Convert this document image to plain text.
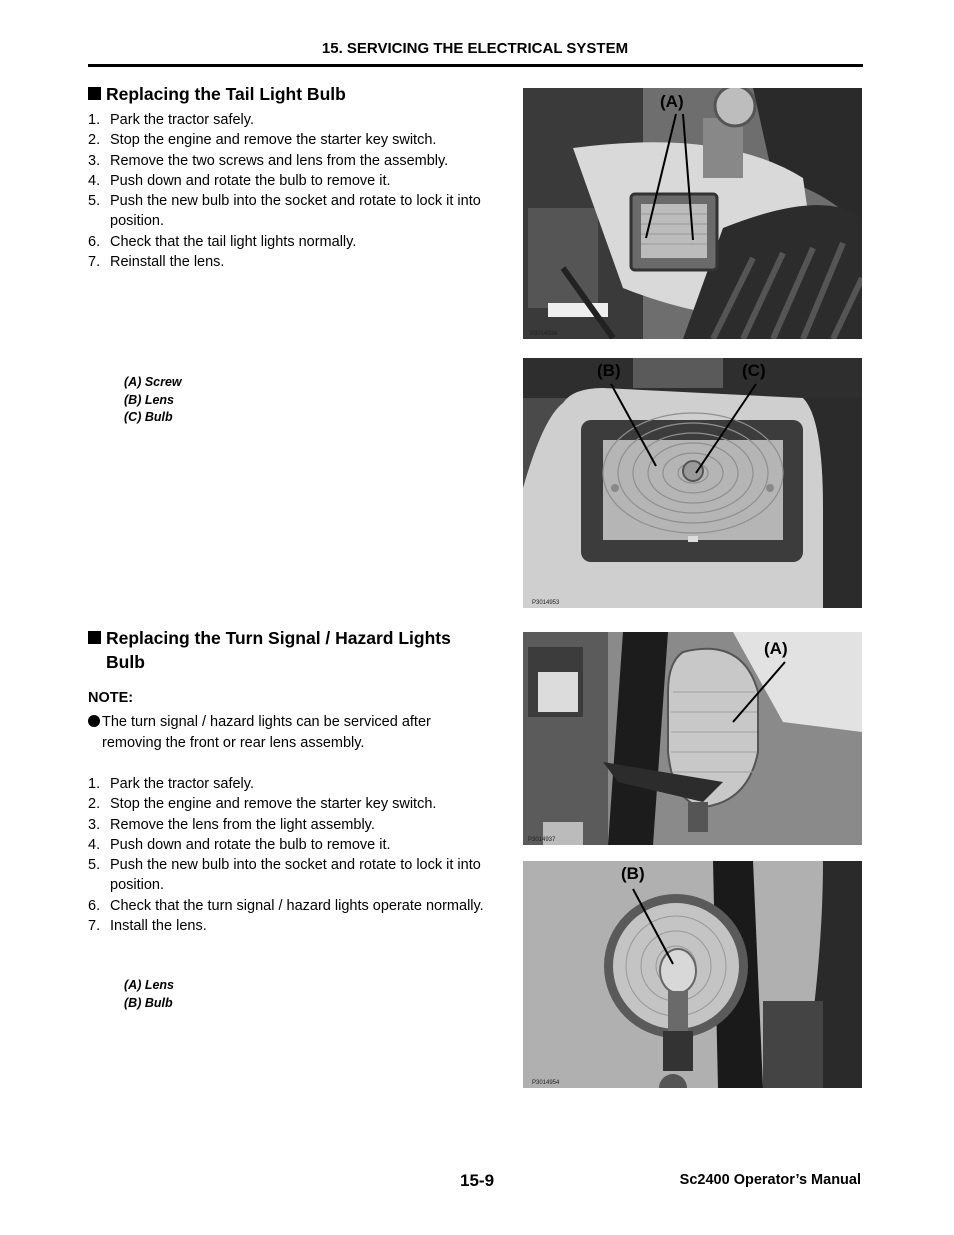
15. SERVICING THE ELECTRICAL SYSTEM
Replacing the Tail Light Bulb
1. Park the tractor safely.
2. Stop the engine and remove the starter key switch.
3. Remove the two screws and lens from the assembly.
4. Push down and rotate the bulb to remove it.
5. Push the new bulb into the socket and rotate to lock it into position.
6. Check that the tail light lights normally.
7. Reinstall the lens.
(A) Screw
(B) Lens
(C) Bulb
Replacing the Turn Signal / Hazard Lights
Bulb
NOTE:
The turn signal / hazard lights can be serviced after
removing the front or rear lens assembly.
1. Park the tractor safely.
2. Stop the engine and remove the starter key switch.
3. Remove the lens from the light assembly.
4. Push down and rotate the bulb to remove it.
5. Push the new bulb into the socket and rotate to lock it into position.
6. Check that the turn signal / hazard lights operate normally.
7. Install the lens.
(A) Lens
(B) Bulb
P3014936
(A)
P3014953
(B)	(C)
P3014937
(A)
P3014954
(B)
15-9	Sc2400 Operator’s Manual
